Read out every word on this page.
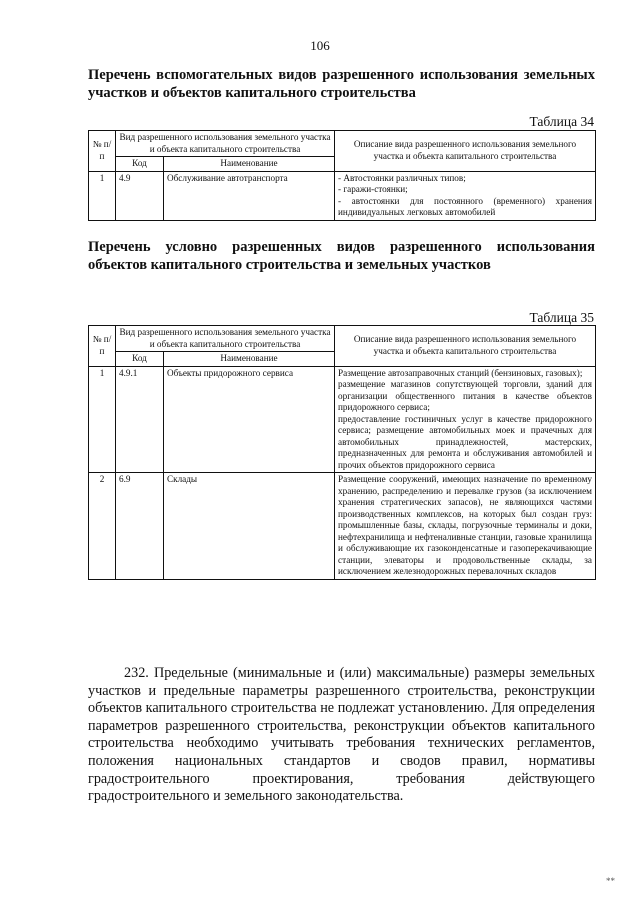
106
Перечень вспомогательных видов разрешенного использования земельных участков и объектов капитального строительства
Таблица 34
№ п/п	Вид разрешенного использования земельного участка и объекта капитального строительства		Описание вида разрешенного использования земельного участка и объекта капитального строительства
	Код	Наименование	
1	4.9	Обслуживание автотранспорта	- Автостоянки различных типов;
- гаражи-стоянки;
- автостоянки для постоянного (временного) хранения индивидуальных легковых автомобилей
Перечень условно разрешенных видов разрешенного использования объектов капитального строительства и земельных участков
Таблица 35
№ п/п	Вид разрешенного использования земельного участка и объекта капитального строительства		Описание вида разрешенного использования земельного участка и объекта капитального строительства
	Код	Наименование	
1	4.9.1	Объекты придорожного сервиса	Размещение автозаправочных станций (бензиновых, газовых);
размещение магазинов сопутствующей торговли, зданий для организации общественного питания в качестве объектов придорожного сервиса;
предоставление гостиничных услуг в качестве придорожного сервиса; размещение автомобильных моек и прачечных для автомобильных принадлежностей, мастерских, предназначенных для ремонта и обслуживания автомобилей и прочих объектов придорожного сервиса

2	6.9	Склады	Размещение сооружений, имеющих назначение по временному хранению, распределению и перевалке грузов (за исключением хранения стратегических запасов), не являющихся частями производственных комплексов, на которых был создан груз: промышленные базы, склады, погрузочные терминалы и доки, нефтехранилища и нефтеналивные станции, газовые хранилища и обслуживающие их газоконденсатные и газоперекачивающие станции, элеваторы и продовольственные склады, за исключением железнодорожных перевалочных складов
232. Предельные (минимальные и (или) максимальные) размеры земельных участков и предельные параметры разрешенного строительства, реконструкции объектов капитального строительства не подлежат установлению. Для определения параметров разрешенного строительства, реконструкции объектов капитального строительства необходимо учитывать требования технических регламентов, положения национальных стандартов и сводов правил, нормативы градостроительного проектирования, требования действующего градостроительного и земельного законодательства.
**
